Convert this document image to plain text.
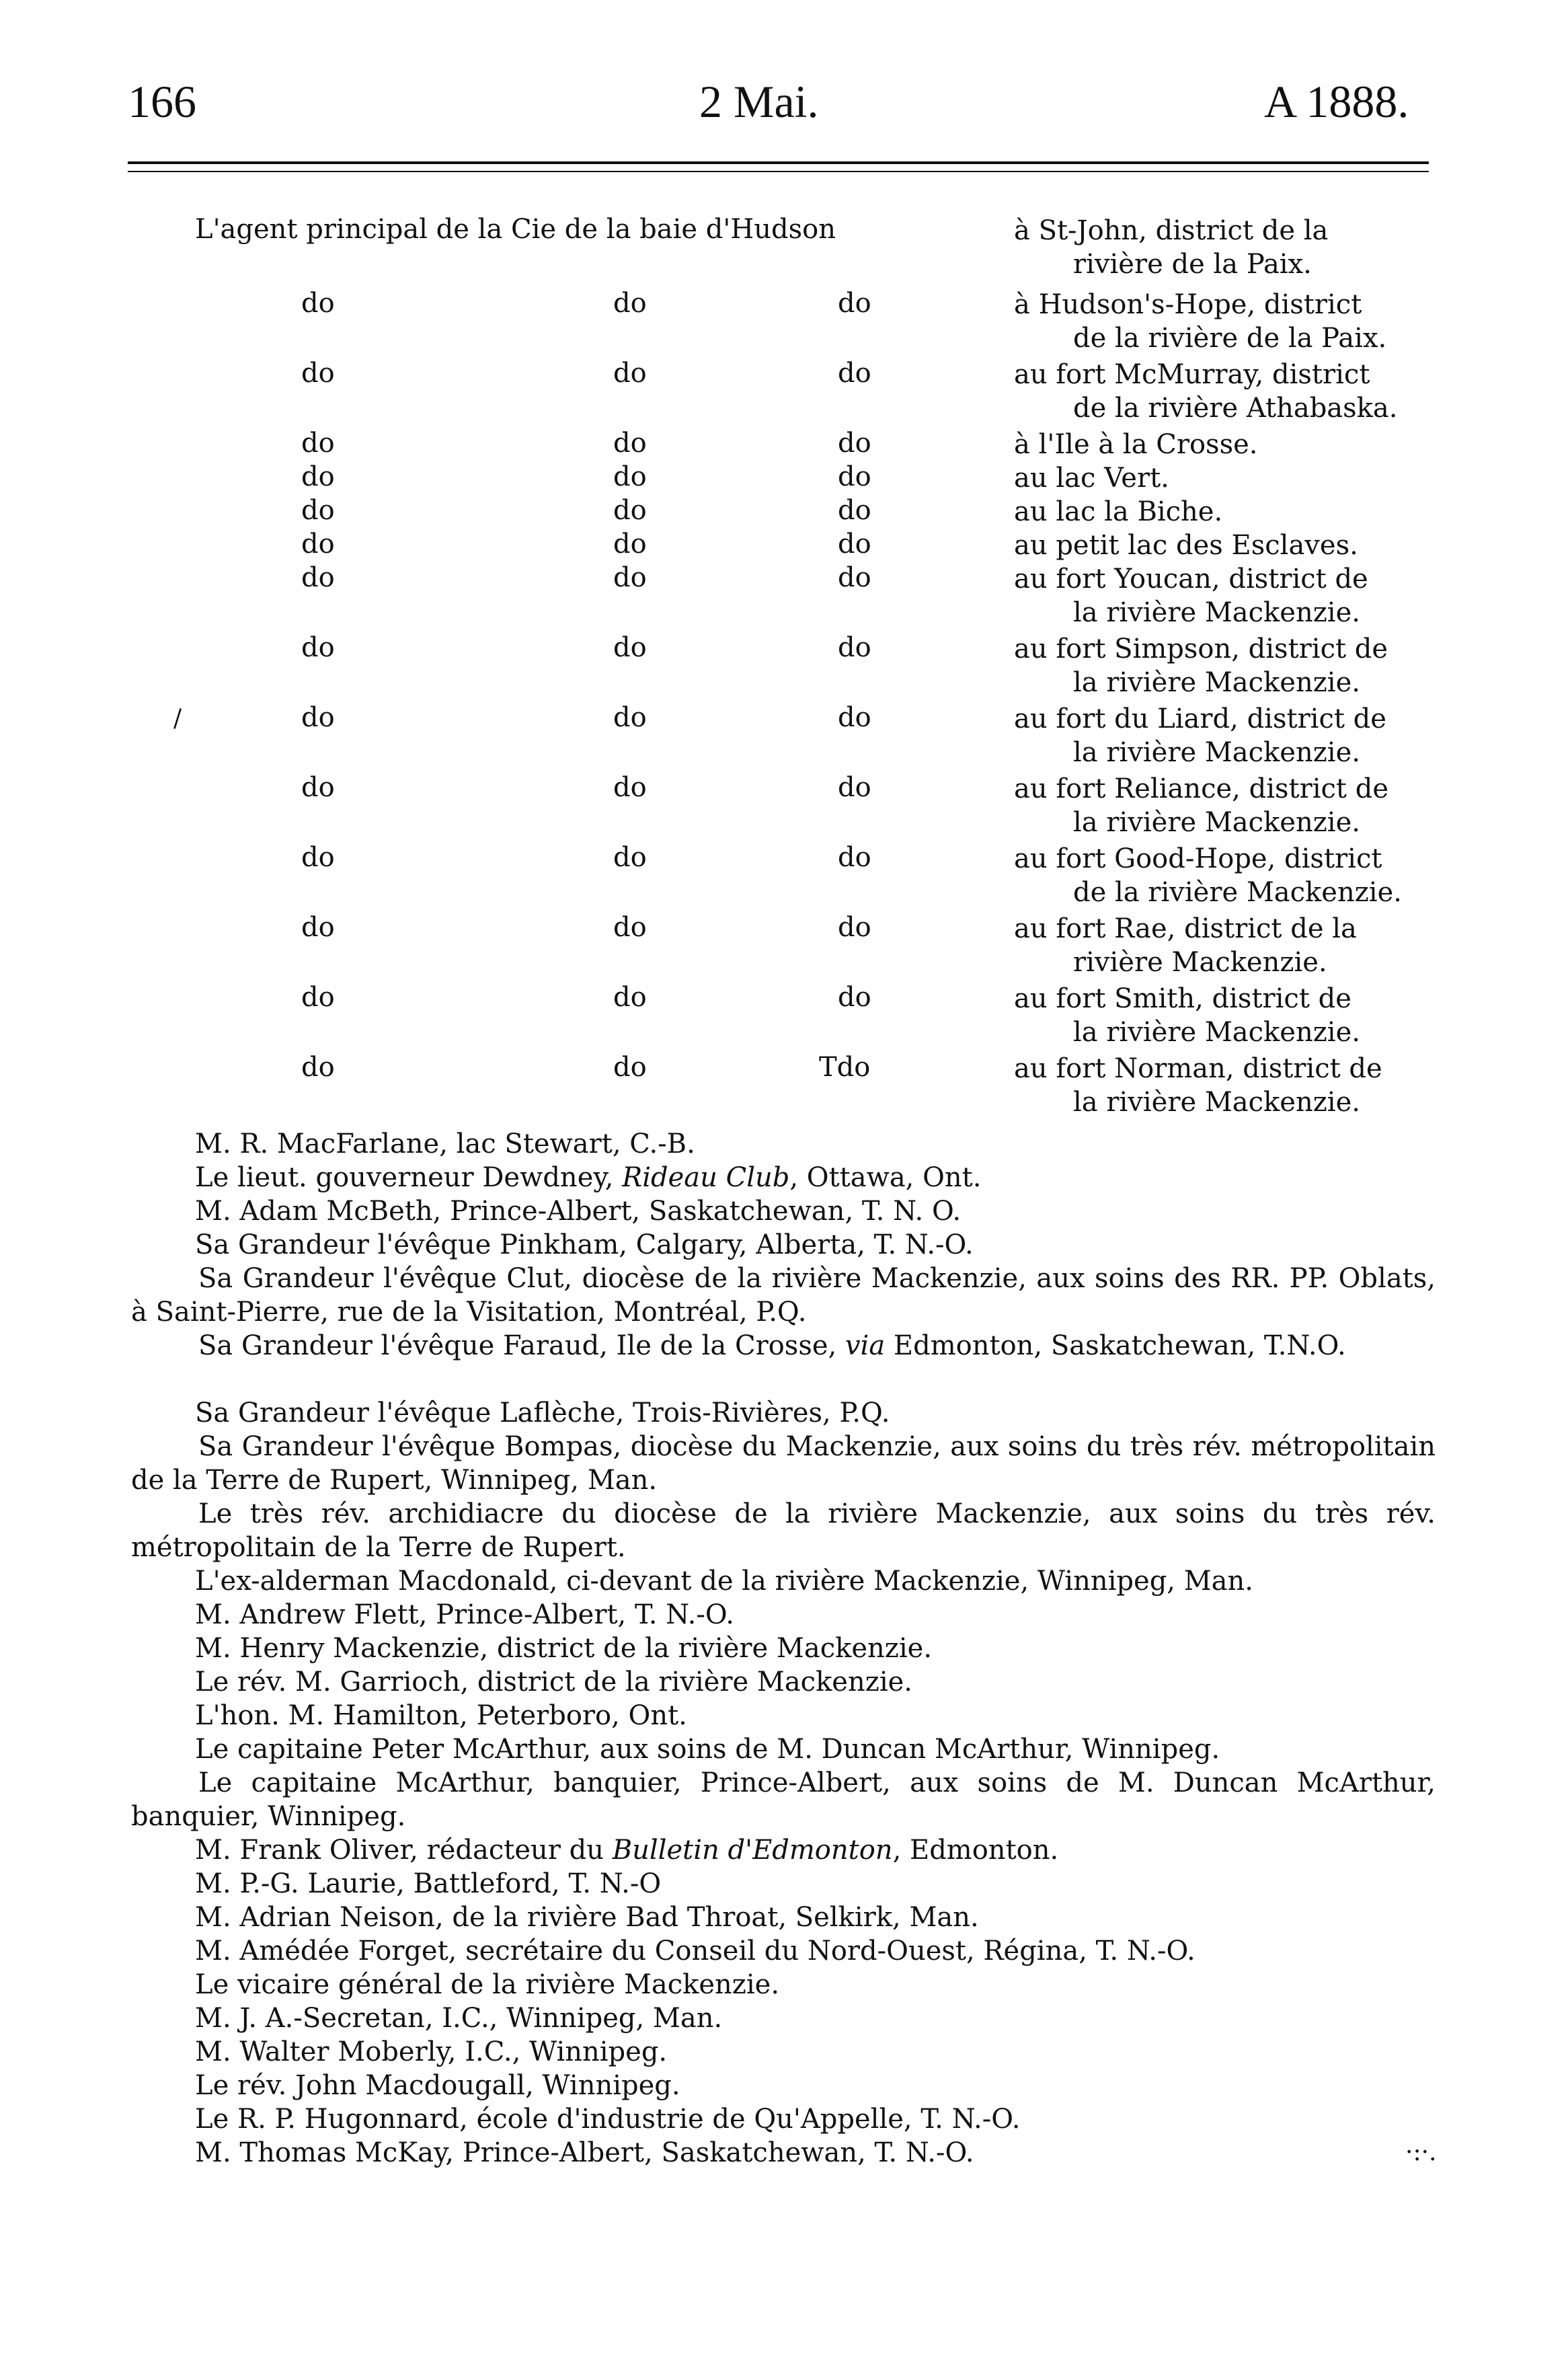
166	2 Mai.	A 1888.
L'agent principal de la Cie de la baie d'Hudson	à St-John, district de la
rivière de la Paix.
do	do	do	à Hudson's-Hope, district
de la rivière de la Paix.
do	do	do	au fort McMurray, district
de la rivière Athabaska.
do	do	do	à l'Ile à la Crosse.
do	do	do	au lac Vert.
do	do	do	au lac la Biche.
do	do	do	au petit lac des Esclaves.
do	do	do	au fort Youcan, district de
la rivière Mackenzie.
do	do	do	au fort Simpson, district de
la rivière Mackenzie.
do	do	do	au fort du Liard, district de
la rivière Mackenzie.
do	do	do	au fort Reliance, district de
la rivière Mackenzie.
do	do	do	au fort Good-Hope, district
de la rivière Mackenzie.
do	do	do	au fort Rae, district de la
rivière Mackenzie.
do	do	do	au fort Smith, district de
la rivière Mackenzie.
do	do	Tdo	au fort Norman, district de
la rivière Mackenzie.
/
M. R. MacFarlane, lac Stewart, C.-B.
Le lieut. gouverneur Dewdney, Rideau Club, Ottawa, Ont.
M. Adam McBeth, Prince-Albert, Saskatchewan, T. N. O.
Sa Grandeur l'évêque Pinkham, Calgary, Alberta, T. N.-O.
Sa Grandeur l'évêque Clut, diocèse de la rivière Mackenzie, aux soins des RR. PP. Oblats, à Saint-Pierre, rue de la Visitation, Montréal, P.Q.
Sa Grandeur l'évêque Faraud, Ile de la Crosse, via Edmonton, Saskatchewan, T.N.O.
Sa Grandeur l'évêque Laflèche, Trois-Rivières, P.Q.
Sa Grandeur l'évêque Bompas, diocèse du Mackenzie, aux soins du très rév. métropolitain de la Terre de Rupert, Winnipeg, Man.
Le très rév. archidiacre du diocèse de la rivière Mackenzie, aux soins du très rév. métropolitain de la Terre de Rupert.
L'ex-alderman Macdonald, ci-devant de la rivière Mackenzie, Winnipeg, Man.
M. Andrew Flett, Prince-Albert, T. N.-O.
M. Henry Mackenzie, district de la rivière Mackenzie.
Le rév. M. Garrioch, district de la rivière Mackenzie.
L'hon. M. Hamilton, Peterboro, Ont.
Le capitaine Peter McArthur, aux soins de M. Duncan McArthur, Winnipeg.
Le capitaine McArthur, banquier, Prince-Albert, aux soins de M. Duncan McArthur, banquier, Winnipeg.
M. Frank Oliver, rédacteur du Bulletin d'Edmonton, Edmonton.
M. P.-G. Laurie, Battleford, T. N.-O
M. Adrian Neison, de la rivière Bad Throat, Selkirk, Man.
M. Amédée Forget, secrétaire du Conseil du Nord-Ouest, Régina, T. N.-O.
Le vicaire général de la rivière Mackenzie.
M. J. A.-Secretan, I.C., Winnipeg, Man.
M. Walter Moberly, I.C., Winnipeg.
Le rév. John Macdougall, Winnipeg.
Le R. P. Hugonnard, école d'industrie de Qu'Appelle, T. N.-O.
M. Thomas McKay, Prince-Albert, Saskatchewan, T. N.-O.	·:·.
